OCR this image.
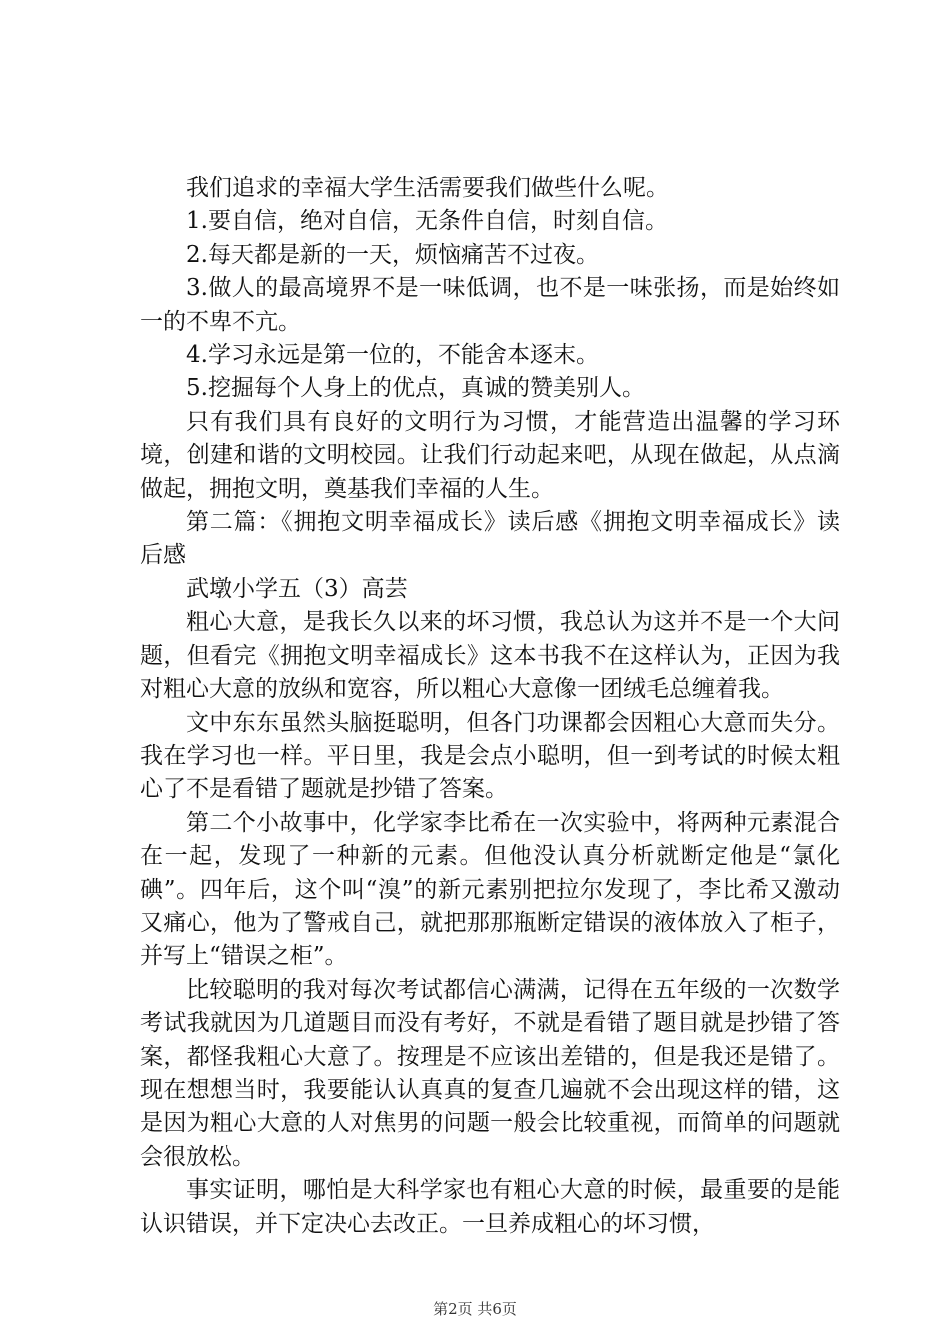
我们追求的幸福大学生活需要我们做些什么呢。

1.要自信，绝对自信，无条件自信，时刻自信。

2.每天都是新的一天，烦恼痛苦不过夜。

3.做人的最高境界不是一味低调，也不是一味张扬，而是始终如一的不卑不亢。

4.学习永远是第一位的，不能舍本逐末。

5.挖掘每个人身上的优点，真诚的赞美别人。

只有我们具有良好的文明行为习惯，才能营造出温馨的学习环境，创建和谐的文明校园。让我们行动起来吧，从现在做起，从点滴做起，拥抱文明，奠基我们幸福的人生。

第二篇：《拥抱文明幸福成长》读后感《拥抱文明幸福成长》读后感

武墩小学五（3）高芸

粗心大意，是我长久以来的坏习惯，我总认为这并不是一个大问题，但看完《拥抱文明幸福成长》这本书我不在这样认为，正因为我对粗心大意的放纵和宽容，所以粗心大意像一团绒毛总缠着我。

文中东东虽然头脑挺聪明，但各门功课都会因粗心大意而失分。我在学习也一样。平日里，我是会点小聪明，但一到考试的时候太粗心了不是看错了题就是抄错了答案。

第二个小故事中，化学家李比希在一次实验中，将两种元素混合在一起，发现了一种新的元素。但他没认真分析就断定他是“氯化碘”。四年后，这个叫“溴”的新元素别把拉尔发现了，李比希又激动又痛心，他为了警戒自己，就把那那瓶断定错误的液体放入了柜子，并写上“错误之柜”。

比较聪明的我对每次考试都信心满满，记得在五年级的一次数学考试我就因为几道题目而没有考好，不就是看错了题目就是抄错了答案，都怪我粗心大意了。按理是不应该出差错的，但是我还是错了。现在想想当时，我要能认认真真的复查几遍就不会出现这样的错，这是因为粗心大意的人对焦男的问题一般会比较重视，而简单的问题就会很放松。

事实证明，哪怕是大科学家也有粗心大意的时候，最重要的是能认识错误，并下定决心去改正。一旦养成粗心的坏习惯，

第2页 共6页
